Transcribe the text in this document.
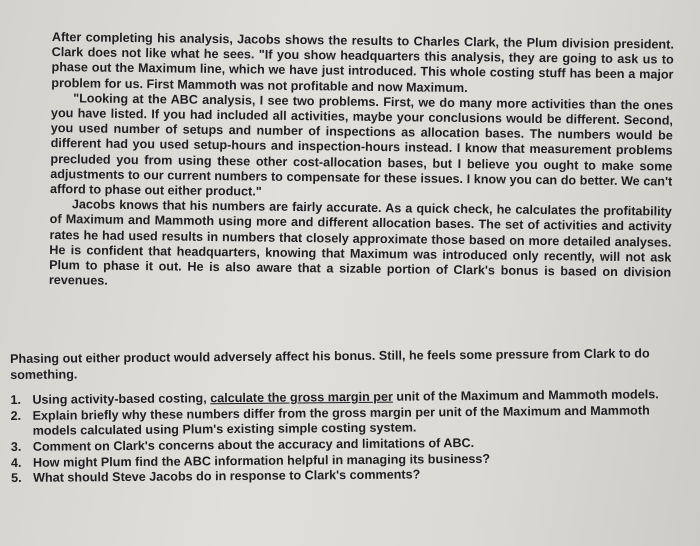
After completing his analysis, Jacobs shows the results to Charles Clark, the Plum division president. Clark does not like what he sees. "If you show headquarters this analysis, they are going to ask us to phase out the Maximum line, which we have just introduced. This whole costing stuff has been a major problem for us. First Mammoth was not profitable and now Maximum.

"Looking at the ABC analysis, I see two problems. First, we do many more activities than the ones you have listed. If you had included all activities, maybe your conclusions would be different. Second, you used number of setups and number of inspections as allocation bases. The numbers would be different had you used setup-hours and inspection-hours instead. I know that measurement problems precluded you from using these other cost-allocation bases, but I believe you ought to make some adjustments to our current numbers to compensate for these issues. I know you can do better. We can't afford to phase out either product."

Jacobs knows that his numbers are fairly accurate. As a quick check, he calculates the profitability of Maximum and Mammoth using more and different allocation bases. The set of activities and activity rates he had used results in numbers that closely approximate those based on more detailed analyses. He is confident that headquarters, knowing that Maximum was introduced only recently, will not ask Plum to phase it out. He is also aware that a sizable portion of Clark's bonus is based on division revenues.

Phasing out either product would adversely affect his bonus. Still, he feels some pressure from Clark to do something.

1. Using activity-based costing, calculate the gross margin per unit of the Maximum and Mammoth models.
2. Explain briefly why these numbers differ from the gross margin per unit of the Maximum and Mammoth models calculated using Plum's existing simple costing system.
3. Comment on Clark's concerns about the accuracy and limitations of ABC.
4. How might Plum find the ABC information helpful in managing its business?
5. What should Steve Jacobs do in response to Clark's comments?
